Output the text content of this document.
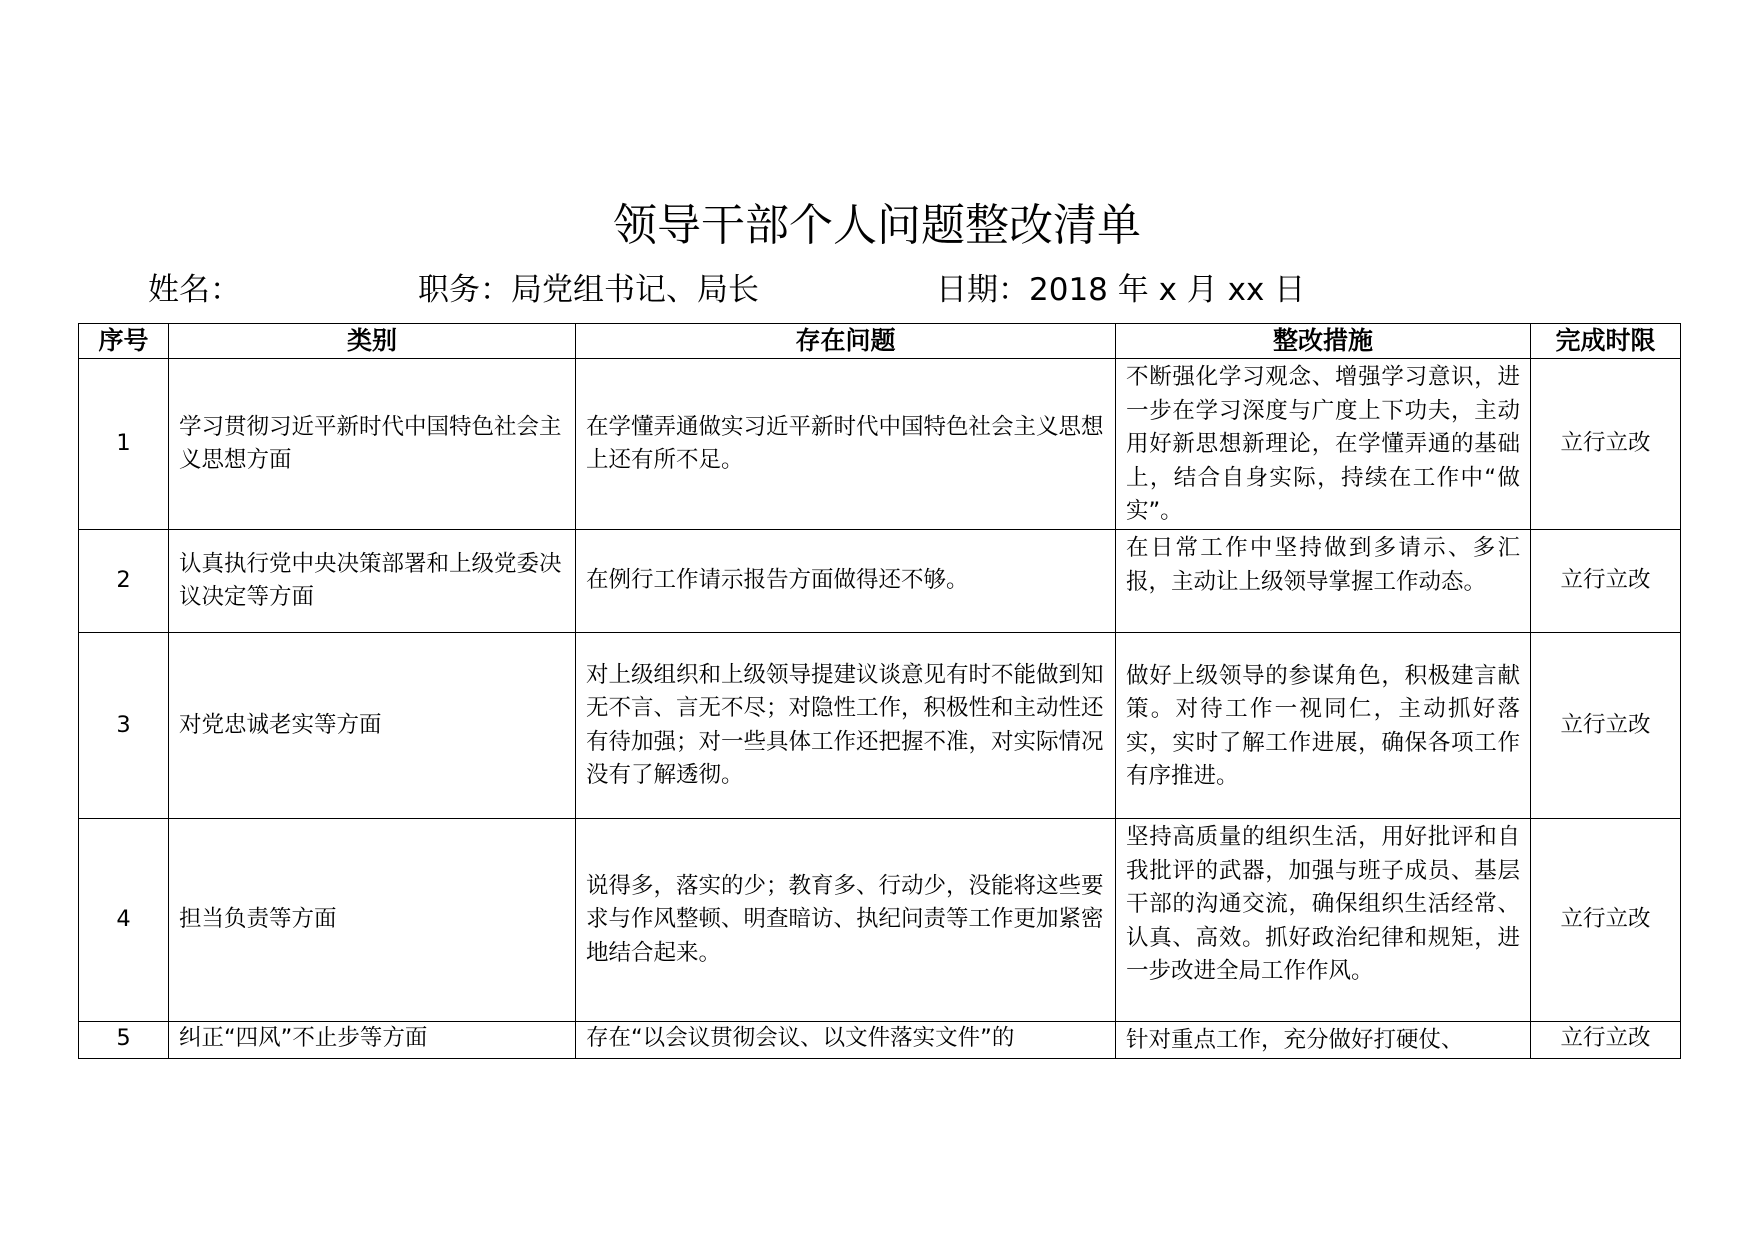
领导干部个人问题整改清单
姓名：	职务：局党组书记、局长	日期：2018 年 x 月 xx 日
序号	类别	存在问题	整改措施	完成时限
1	学习贯彻习近平新时代中国特色社会主义思想方面	在学懂弄通做实习近平新时代中国特色社会主义思想上还有所不足。	不断强化学习观念、增强学习意识，进一步在学习深度与广度上下功夫，主动用好新思想新理论，在学懂弄通的基础上，结合自身实际，持续在工作中“做实”。	立行立改
2	认真执行党中央决策部署和上级党委决议决定等方面	在例行工作请示报告方面做得还不够。	在日常工作中坚持做到多请示、多汇报，主动让上级领导掌握工作动态。	立行立改
3	对党忠诚老实等方面	对上级组织和上级领导提建议谈意见有时不能做到知无不言、言无不尽；对隐性工作，积极性和主动性还有待加强；对一些具体工作还把握不准，对实际情况没有了解透彻。	做好上级领导的参谋角色，积极建言献策。对待工作一视同仁，主动抓好落实，实时了解工作进展，确保各项工作有序推进。	立行立改
4	担当负责等方面	说得多，落实的少；教育多、行动少，没能将这些要求与作风整顿、明查暗访、执纪问责等工作更加紧密地结合起来。	坚持高质量的组织生活，用好批评和自我批评的武器，加强与班子成员、基层干部的沟通交流，确保组织生活经常、认真、高效。抓好政治纪律和规矩，进一步改进全局工作作风。	立行立改
5	纠正“四风”不止步等方面	存在“以会议贯彻会议、以文件落实文件”的	针对重点工作，充分做好打硬仗、	立行立改
